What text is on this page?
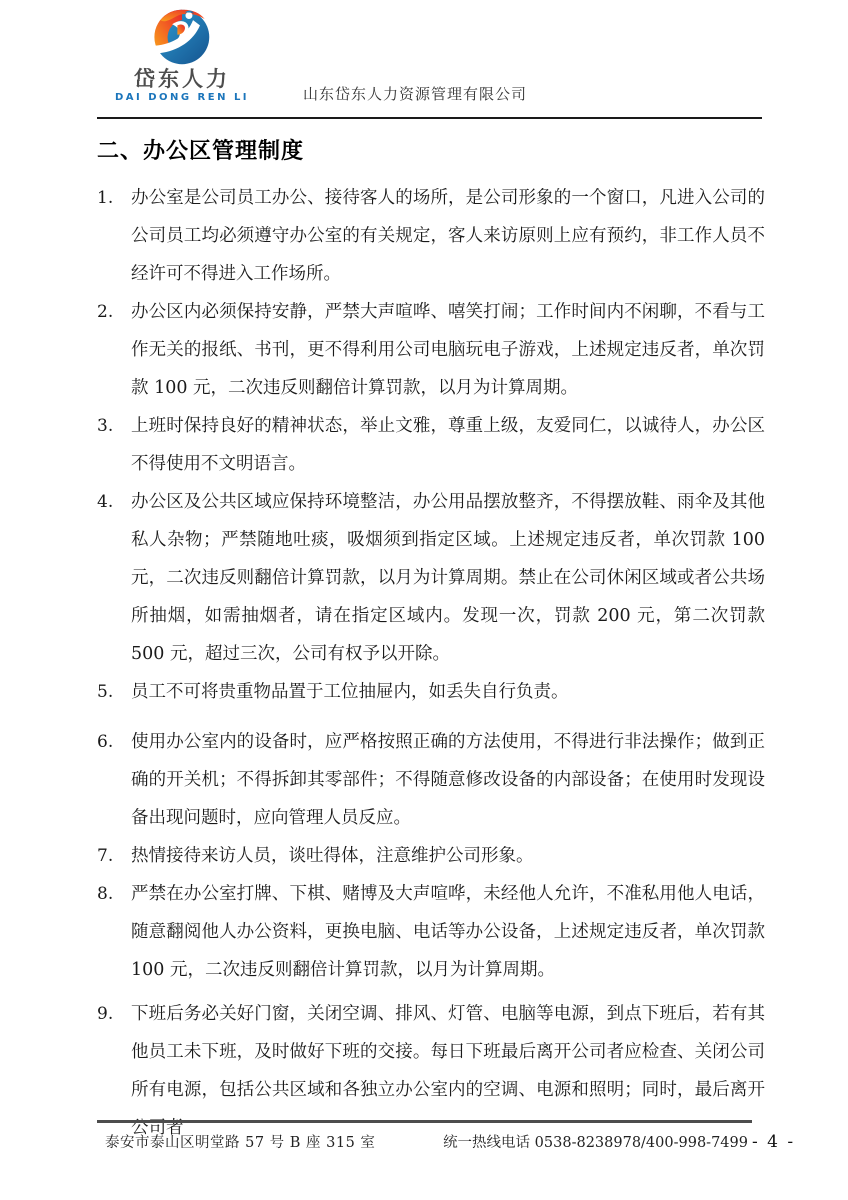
岱东人力
DAI DONG REN LI	山东岱东人力资源管理有限公司
二、办公区管理制度
1.	办公室是公司员工办公、接待客人的场所，是公司形象的一个窗口，凡进入公司的公司员工均必须遵守办公室的有关规定，客人来访原则上应有预约，非工作人员不经许可不得进入工作场所。
2.	办公区内必须保持安静，严禁大声喧哗、嘻笑打闹；工作时间内不闲聊，不看与工作无关的报纸、书刊，更不得利用公司电脑玩电子游戏，上述规定违反者，单次罚款 100 元，二次违反则翻倍计算罚款，以月为计算周期。
3.	上班时保持良好的精神状态，举止文雅，尊重上级，友爱同仁，以诚待人，办公区不得使用不文明语言。
4.	办公区及公共区域应保持环境整洁，办公用品摆放整齐，不得摆放鞋、雨伞及其他私人杂物；严禁随地吐痰，吸烟须到指定区域。上述规定违反者，单次罚款 100 元，二次违反则翻倍计算罚款，以月为计算周期。禁止在公司休闲区域或者公共场所抽烟，如需抽烟者，请在指定区域内。发现一次，罚款 200 元，第二次罚款 500 元，超过三次，公司有权予以开除。
5.	员工不可将贵重物品置于工位抽屉内，如丢失自行负责。
6.	使用办公室内的设备时，应严格按照正确的方法使用，不得进行非法操作；做到正确的开关机；不得拆卸其零部件；不得随意修改设备的内部设备；在使用时发现设备出现问题时，应向管理人员反应。
7.	热情接待来访人员，谈吐得体，注意维护公司形象。
8.	严禁在办公室打牌、下棋、赌博及大声喧哗，未经他人允许，不准私用他人电话，随意翻阅他人办公资料，更换电脑、电话等办公设备，上述规定违反者，单次罚款 100 元，二次违反则翻倍计算罚款，以月为计算周期。
9.	下班后务必关好门窗，关闭空调、排风、灯管、电脑等电源，到点下班后，若有其他员工未下班，及时做好下班的交接。每日下班最后离开公司者应检查、关闭公司所有电源，包括公共区域和各独立办公室内的空调、电源和照明；同时，最后离开公司者
泰安市泰山区明堂路 57 号 B 座 315 室	统一热线电话 0538-8238978/400-998-7499 - 4 -
